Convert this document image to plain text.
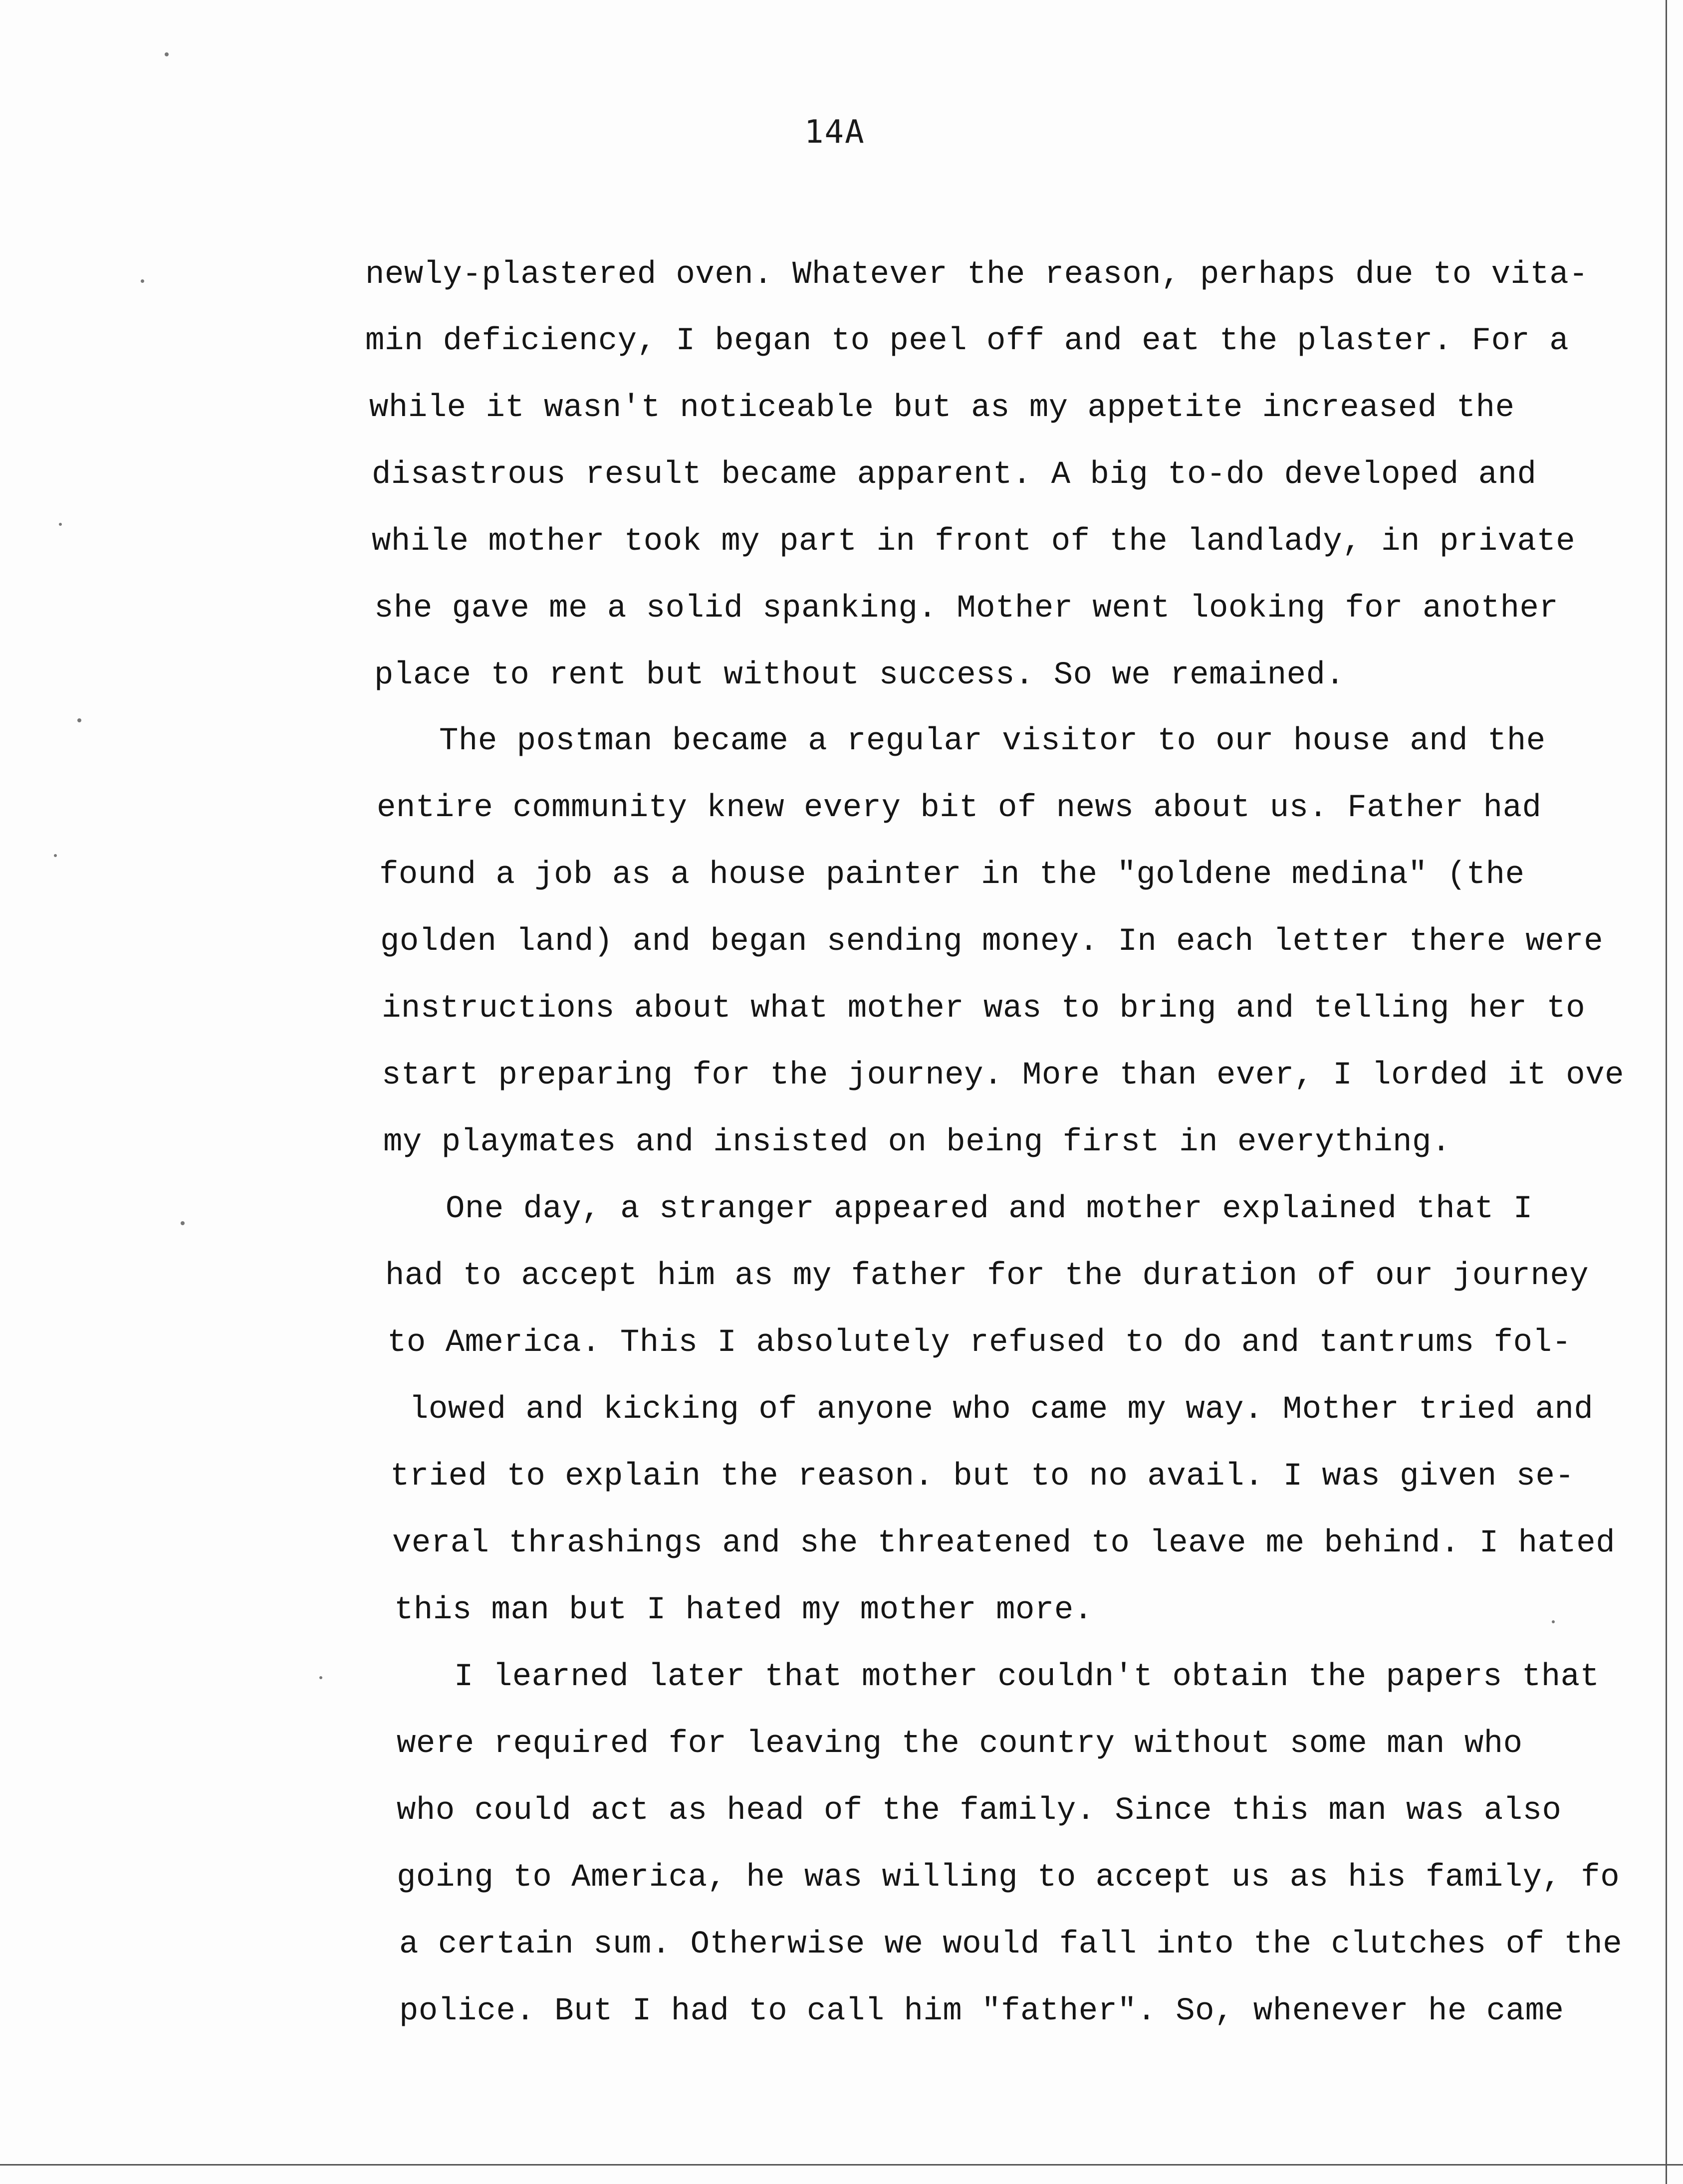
14A
newly-plastered oven. Whatever the reason, perhaps due to vita-
min deficiency, I began to peel off and eat the plaster. For a
while it wasn't noticeable but as my appetite increased the
disastrous result became apparent. A big to-do developed and
while mother took my part in front of the landlady, in private
she gave me a solid spanking. Mother went looking for another
place to rent but without success. So we remained.
The postman became a regular visitor to our house and the
entire community knew every bit of news about us. Father had
found a job as a house painter in the "goldene medina" (the
golden land) and began sending money. In each letter there were
instructions about what mother was to bring and telling her to
start preparing for the journey. More than ever, I lorded it ove
my playmates and insisted on being first in everything.
One day, a stranger appeared and mother explained that I
had to accept him as my father for the duration of our journey
to America. This I absolutely refused to do and tantrums fol-
lowed and kicking of anyone who came my way. Mother tried and
tried to explain the reason. but to no avail. I was given se-
veral thrashings and she threatened to leave me behind. I hated
this man but I hated my mother more.
I learned later that mother couldn't obtain the papers that
were required for leaving the country without some man who
who could act as head of the family. Since this man was also
going to America, he was willing to accept us as his family, fo
a certain sum. Otherwise we would fall into the clutches of the
police. But I had to call him "father". So, whenever he came
